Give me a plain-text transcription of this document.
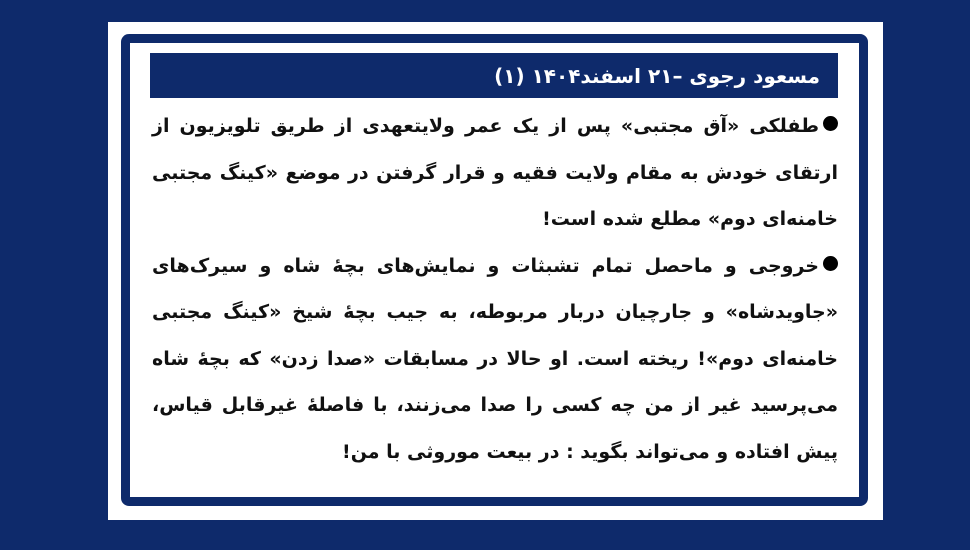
مسعود رجوی –۲۱ اسفند۱۴۰۴ (۱)

طفلکی «آق مجتبی» پس از یک عمر ولایتعهدی از طریق تلویزیون از ارتقای خودش به مقام ولایت فقیه و قرار گرفتن در موضع «کینگ مجتبی خامنه‌ای دوم» مطلع شده است!

خروجی و ماحصل تمام تشبثات و نمایش‌های بچهٔ شاه و سیرک‌های «جاویدشاه» و جارچیان دربار مربوطه، به جیب بچهٔ شیخ «کینگ مجتبی خامنه‌ای دوم»! ریخته است. او حالا در مسابقات «صدا زدن» که بچهٔ شاه می‌پرسید غیر از من چه کسی را صدا می‌زنند، با فاصلهٔ غیرقابل قیاس، پیش افتاده و می‌تواند بگوید : در بیعت موروثی با من!
